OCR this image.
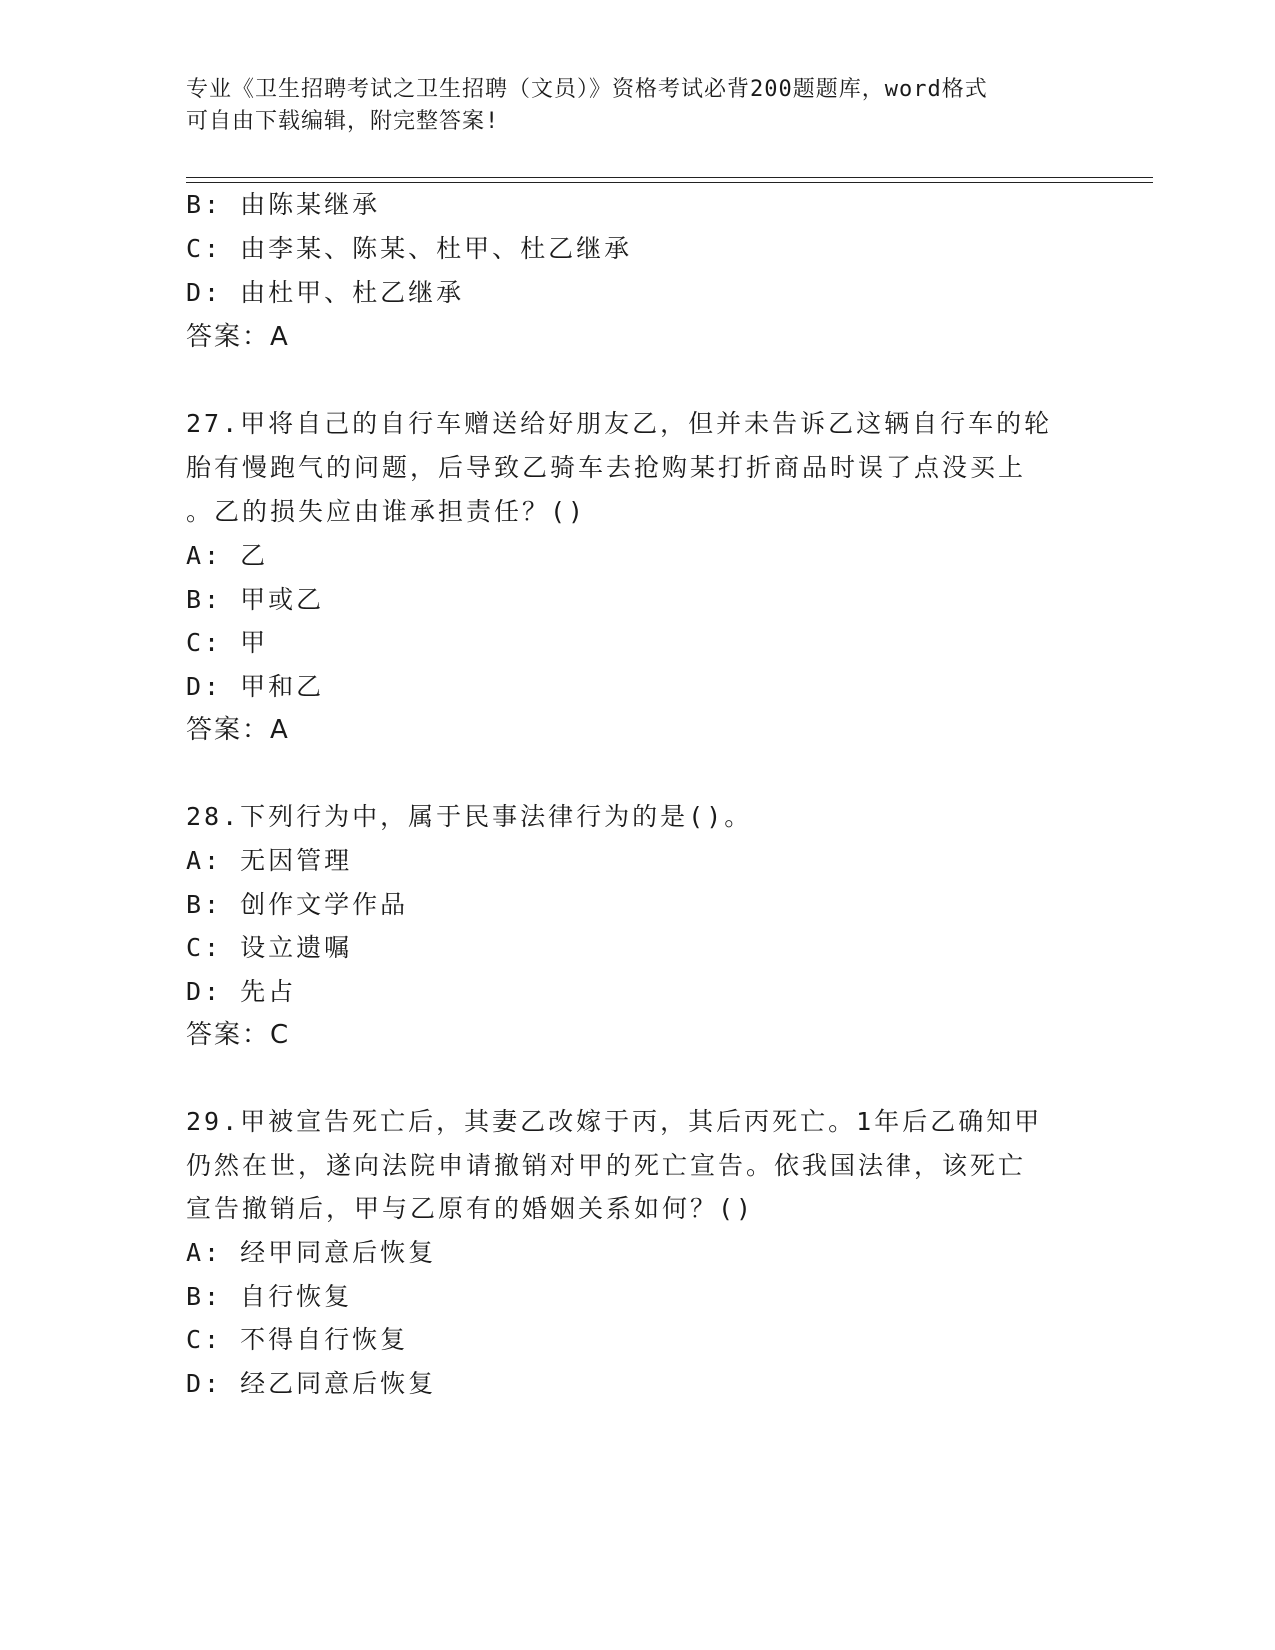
专业《卫生招聘考试之卫生招聘（文员）》资格考试必背200题题库，word格式
可自由下载编辑，附完整答案!
B: 由陈某继承
C: 由李某、陈某、杜甲、杜乙继承
D: 由杜甲、杜乙继承
答案：A
27.甲将自己的自行车赠送给好朋友乙，但并未告诉乙这辆自行车的轮
胎有慢跑气的问题，后导致乙骑车去抢购某打折商品时误了点没买上
。乙的损失应由谁承担责任？()
A: 乙
B: 甲或乙
C: 甲
D: 甲和乙
答案：A
28.下列行为中，属于民事法律行为的是()。
A: 无因管理
B: 创作文学作品
C: 设立遗嘱
D: 先占
答案：C
29.甲被宣告死亡后，其妻乙改嫁于丙，其后丙死亡。1年后乙确知甲
仍然在世，遂向法院申请撤销对甲的死亡宣告。依我国法律，该死亡
宣告撤销后，甲与乙原有的婚姻关系如何？()
A: 经甲同意后恢复
B: 自行恢复
C: 不得自行恢复
D: 经乙同意后恢复
